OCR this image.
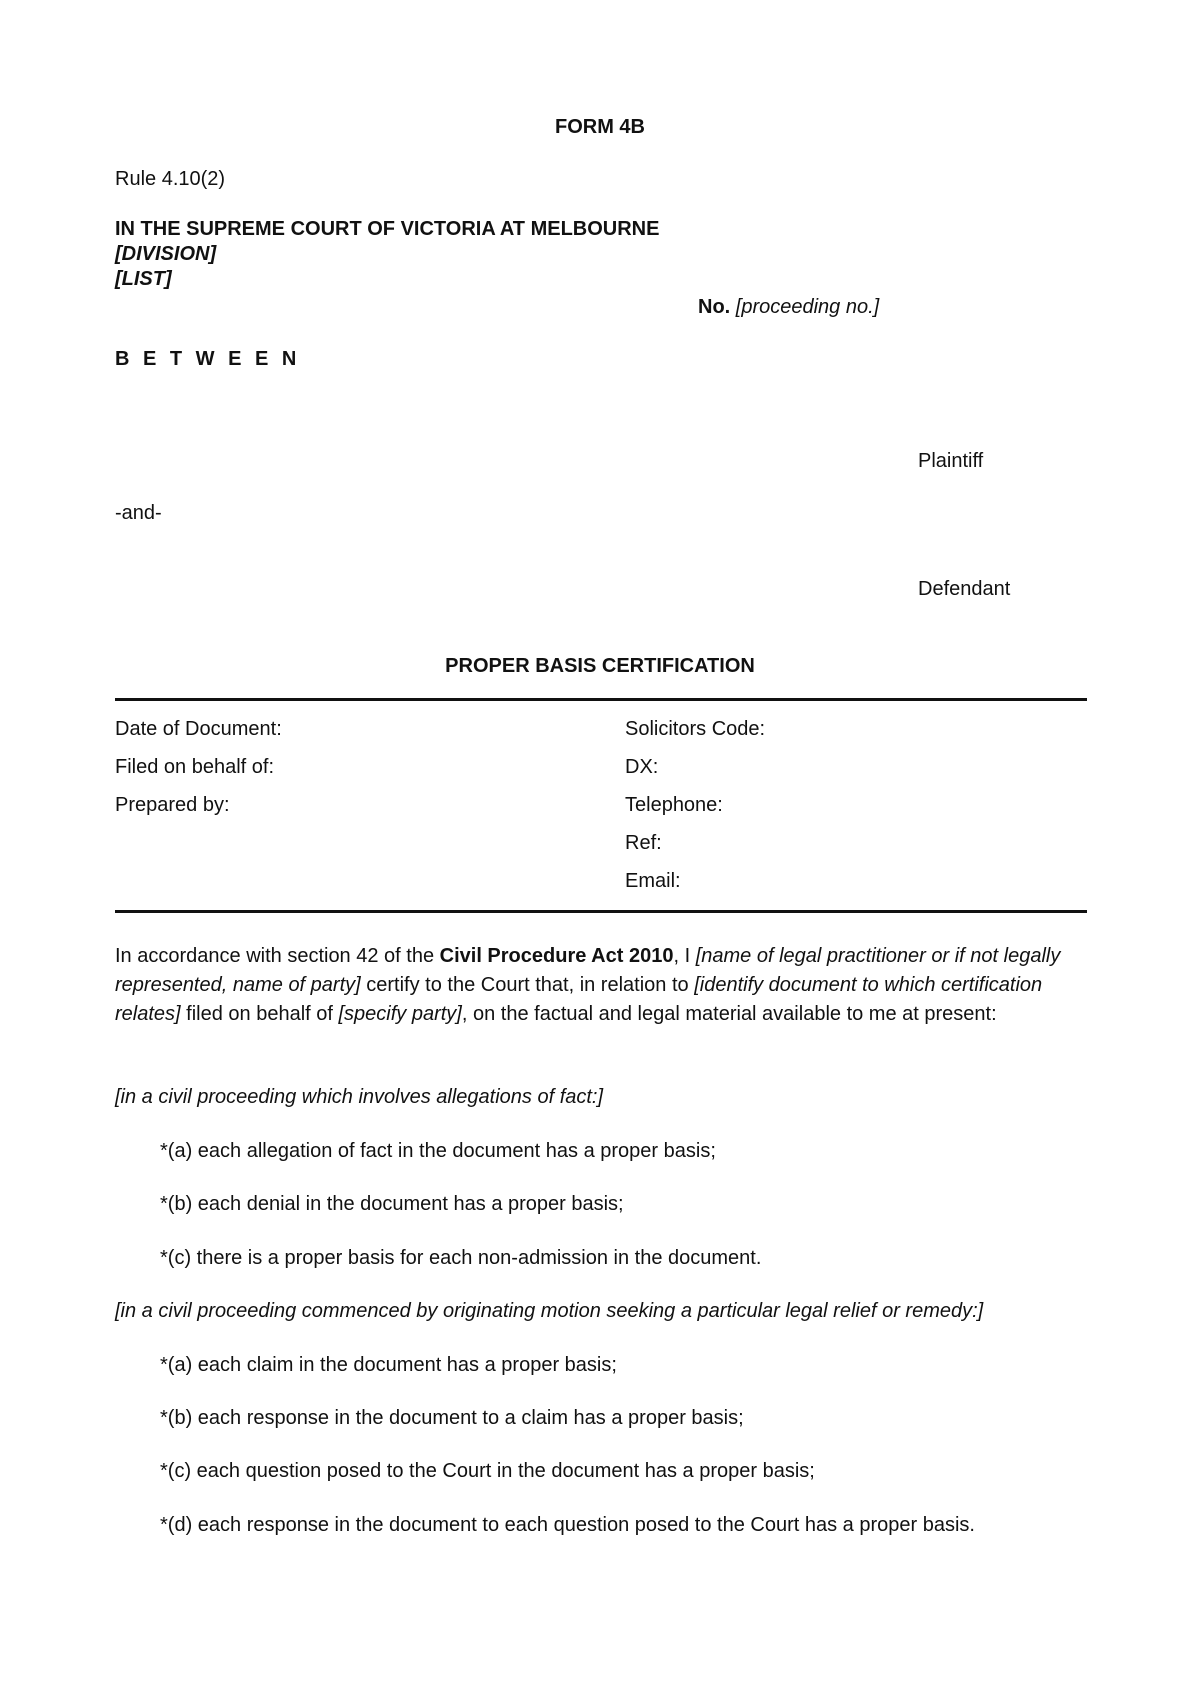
FORM 4B
Rule 4.10(2)
IN THE SUPREME COURT OF VICTORIA AT MELBOURNE
[DIVISION]
[LIST]
No. [proceeding no.]
B E T W E E N
Plaintiff
-and-
Defendant
PROPER BASIS CERTIFICATION
Date of Document:
Filed on behalf of:
Prepared by:
Solicitors Code:
DX:
Telephone:
Ref:
Email:
In accordance with section 42 of the Civil Procedure Act 2010, I [name of legal practitioner or if not legally represented, name of party] certify to the Court that, in relation to [identify document to which certification relates] filed on behalf of [specify party], on the factual and legal material available to me at present:
[in a civil proceeding which involves allegations of fact:]
*(a) each allegation of fact in the document has a proper basis;
*(b) each denial in the document has a proper basis;
*(c) there is a proper basis for each non-admission in the document.
[in a civil proceeding commenced by originating motion seeking a particular legal relief or remedy:]
*(a) each claim in the document has a proper basis;
*(b) each response in the document to a claim has a proper basis;
*(c) each question posed to the Court in the document has a proper basis;
*(d) each response in the document to each question posed to the Court has a proper basis.
